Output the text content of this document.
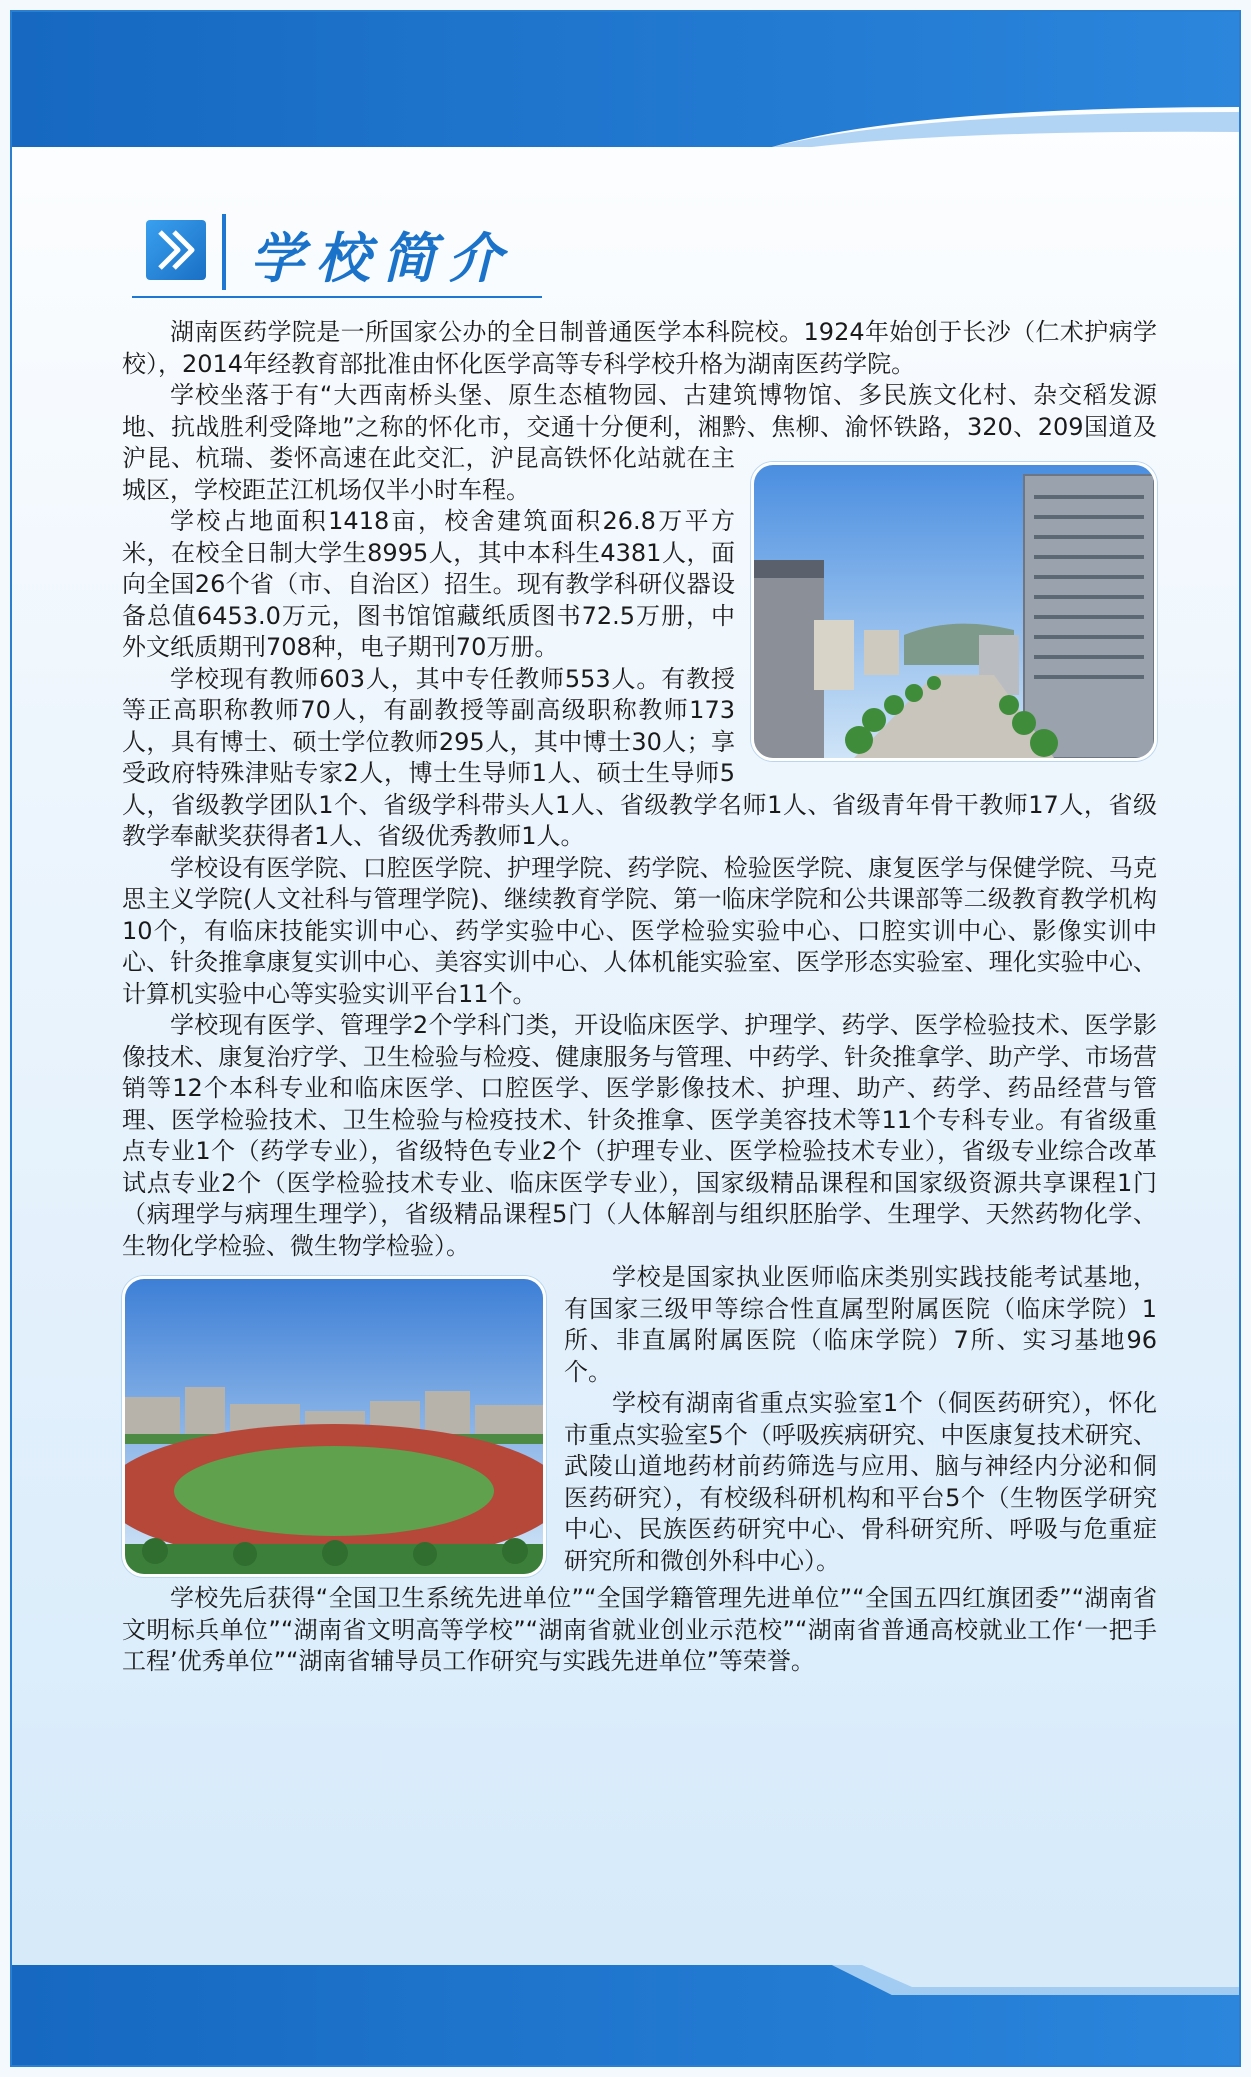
学校简介

湖南医药学院是一所国家公办的全日制普通医学本科院校。1924年始创于长沙（仁术护病学校），2014年经教育部批准由怀化医学高等专科学校升格为湖南医药学院。

学校坐落于有“大西南桥头堡、原生态植物园、古建筑博物馆、多民族文化村、杂交稻发源地、抗战胜利受降地”之称的怀化市，交通十分便利，湘黔、焦柳、渝怀铁路，320、209国道及沪昆、杭瑞、娄怀高速在此交汇，沪昆高铁怀化站就在主城区，学校距芷江机场仅半小时车程。

学校占地面积1418亩，校舍建筑面积26.8万平方米，在校全日制大学生8995人，其中本科生4381人，面向全国26个省（市、自治区）招生。现有教学科研仪器设备总值6453.0万元，图书馆馆藏纸质图书72.5万册，中外文纸质期刊708种，电子期刊70万册。

学校现有教师603人，其中专任教师553人。有教授等正高职称教师70人，有副教授等副高级职称教师173人，具有博士、硕士学位教师295人，其中博士30人；享受政府特殊津贴专家2人，博士生导师1人、硕士生导师5人，省级教学团队1个、省级学科带头人1人、省级教学名师1人、省级青年骨干教师17人，省级教学奉献奖获得者1人、省级优秀教师1人。

学校设有医学院、口腔医学院、护理学院、药学院、检验医学院、康复医学与保健学院、马克思主义学院(人文社科与管理学院)、继续教育学院、第一临床学院和公共课部等二级教育教学机构10个，有临床技能实训中心、药学实验中心、医学检验实验中心、口腔实训中心、影像实训中心、针灸推拿康复实训中心、美容实训中心、人体机能实验室、医学形态实验室、理化实验中心、计算机实验中心等实验实训平台11个。

学校现有医学、管理学2个学科门类，开设临床医学、护理学、药学、医学检验技术、医学影像技术、康复治疗学、卫生检验与检疫、健康服务与管理、中药学、针灸推拿学、助产学、市场营销等12个本科专业和临床医学、口腔医学、医学影像技术、护理、助产、药学、药品经营与管理、医学检验技术、卫生检验与检疫技术、针灸推拿、医学美容技术等11个专科专业。有省级重点专业1个（药学专业），省级特色专业2个（护理专业、医学检验技术专业），省级专业综合改革试点专业2个（医学检验技术专业、临床医学专业），国家级精品课程和国家级资源共享课程1门（病理学与病理生理学），省级精品课程5门（人体解剖与组织胚胎学、生理学、天然药物化学、生物化学检验、微生物学检验）。

学校是国家执业医师临床类别实践技能考试基地，有国家三级甲等综合性直属型附属医院（临床学院）1所、非直属附属医院（临床学院）7所、实习基地96个。

学校有湖南省重点实验室1个（侗医药研究），怀化市重点实验室5个（呼吸疾病研究、中医康复技术研究、武陵山道地药材前药筛选与应用、脑与神经内分泌和侗医药研究），有校级科研机构和平台5个（生物医学研究中心、民族医药研究中心、骨科研究所、呼吸与危重症研究所和微创外科中心）。

学校先后获得“全国卫生系统先进单位”“全国学籍管理先进单位”“全国五四红旗团委”“湖南省文明标兵单位”“湖南省文明高等学校”“湖南省就业创业示范校”“湖南省普通高校就业工作‘一把手工程’优秀单位”“湖南省辅导员工作研究与实践先进单位”等荣誉。
